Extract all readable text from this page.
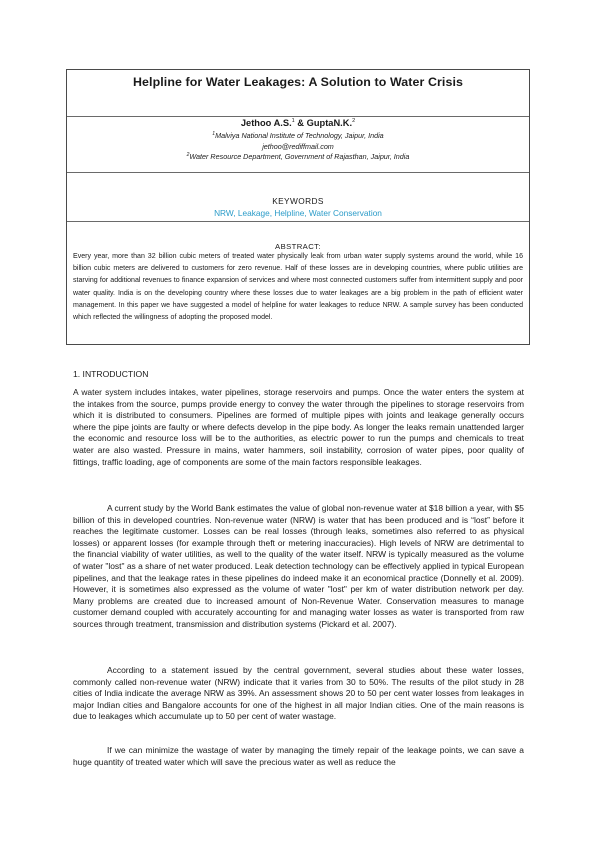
Helpline for Water Leakages: A Solution to Water Crisis
Jethoo A.S.$^1$ & GuptaN.K.$^2$
$^1$Malviya National Institute of Technology, Jaipur, India
jethoo@rediffmail.com
$^2$Water Resource Department, Government of Rajasthan, Jaipur, India
KEYWORDS
NRW, Leakage, Helpline, Water Conservation
ABSTRACT:
Every year, more than 32 billion cubic meters of treated water physically leak from urban water supply systems around the world, while 16 billion cubic meters are delivered to customers for zero revenue. Half of these losses are in developing countries, where public utilities are starving for additional revenues to finance expansion of services and where most connected customers suffer from intermittent supply and poor water quality. India is on the developing country where these losses due to water leakages are a big problem in the path of efficient water management. In this paper we have suggested a model of helpline for water leakages to reduce NRW. A sample survey has been conducted which reflected the willingness of adopting the proposed model.
1. INTRODUCTION

A water system includes intakes, water pipelines, storage reservoirs and pumps. Once the water enters the system at the intakes from the source, pumps provide energy to convey the water through the pipelines to storage reservoirs from which it is distributed to consumers. Pipelines are formed of multiple pipes with joints and leakage generally occurs where the pipe joints are faulty or where defects develop in the pipe body. As longer the leaks remain unattended larger the economic and resource loss will be to the authorities, as electric power to run the pumps and chemicals to treat water are also wasted. Pressure in mains, water hammers, soil instability, corrosion of water pipes, poor quality of fittings, traffic loading, age of components are some of the main factors responsible leakages.

A current study by the World Bank estimates the value of global non-revenue water at $18 billion a year, with $5 billion of this in developed countries. Non-revenue water (NRW) is water that has been produced and is “lost” before it reaches the legitimate customer. Losses can be real losses (through leaks, sometimes also referred to as physical losses) or apparent losses (for example through theft or metering inaccuracies). High levels of NRW are detrimental to the financial viability of water utilities, as well to the quality of the water itself. NRW is typically measured as the volume of water "lost" as a share of net water produced. Leak detection technology can be effectively applied in typical European pipelines, and that the leakage rates in these pipelines do indeed make it an economical practice (Donnelly et al. 2009). However, it is sometimes also expressed as the volume of water "lost" per km of water distribution network per day. Many problems are created due to increased amount of Non-Revenue Water. Conservation measures to manage customer demand coupled with accurately accounting for and managing water losses as water is transported from raw sources through treatment, transmission and distribution systems (Pickard et al. 2007).

According to a statement issued by the central government, several studies about these water losses, commonly called non-revenue water (NRW) indicate that it varies from 30 to 50%. The results of the pilot study in 28 cities of India indicate the average NRW as 39%. An assessment shows 20 to 50 per cent water losses from leakages in major Indian cities and Bangalore accounts for one of the highest in all major Indian cities. One of the main reasons is due to leakages which accumulate up to 50 per cent of water wastage.

If we can minimize the wastage of water by managing the timely repair of the leakage points, we can save a huge quantity of treated water which will save the precious water as well as reduce the
